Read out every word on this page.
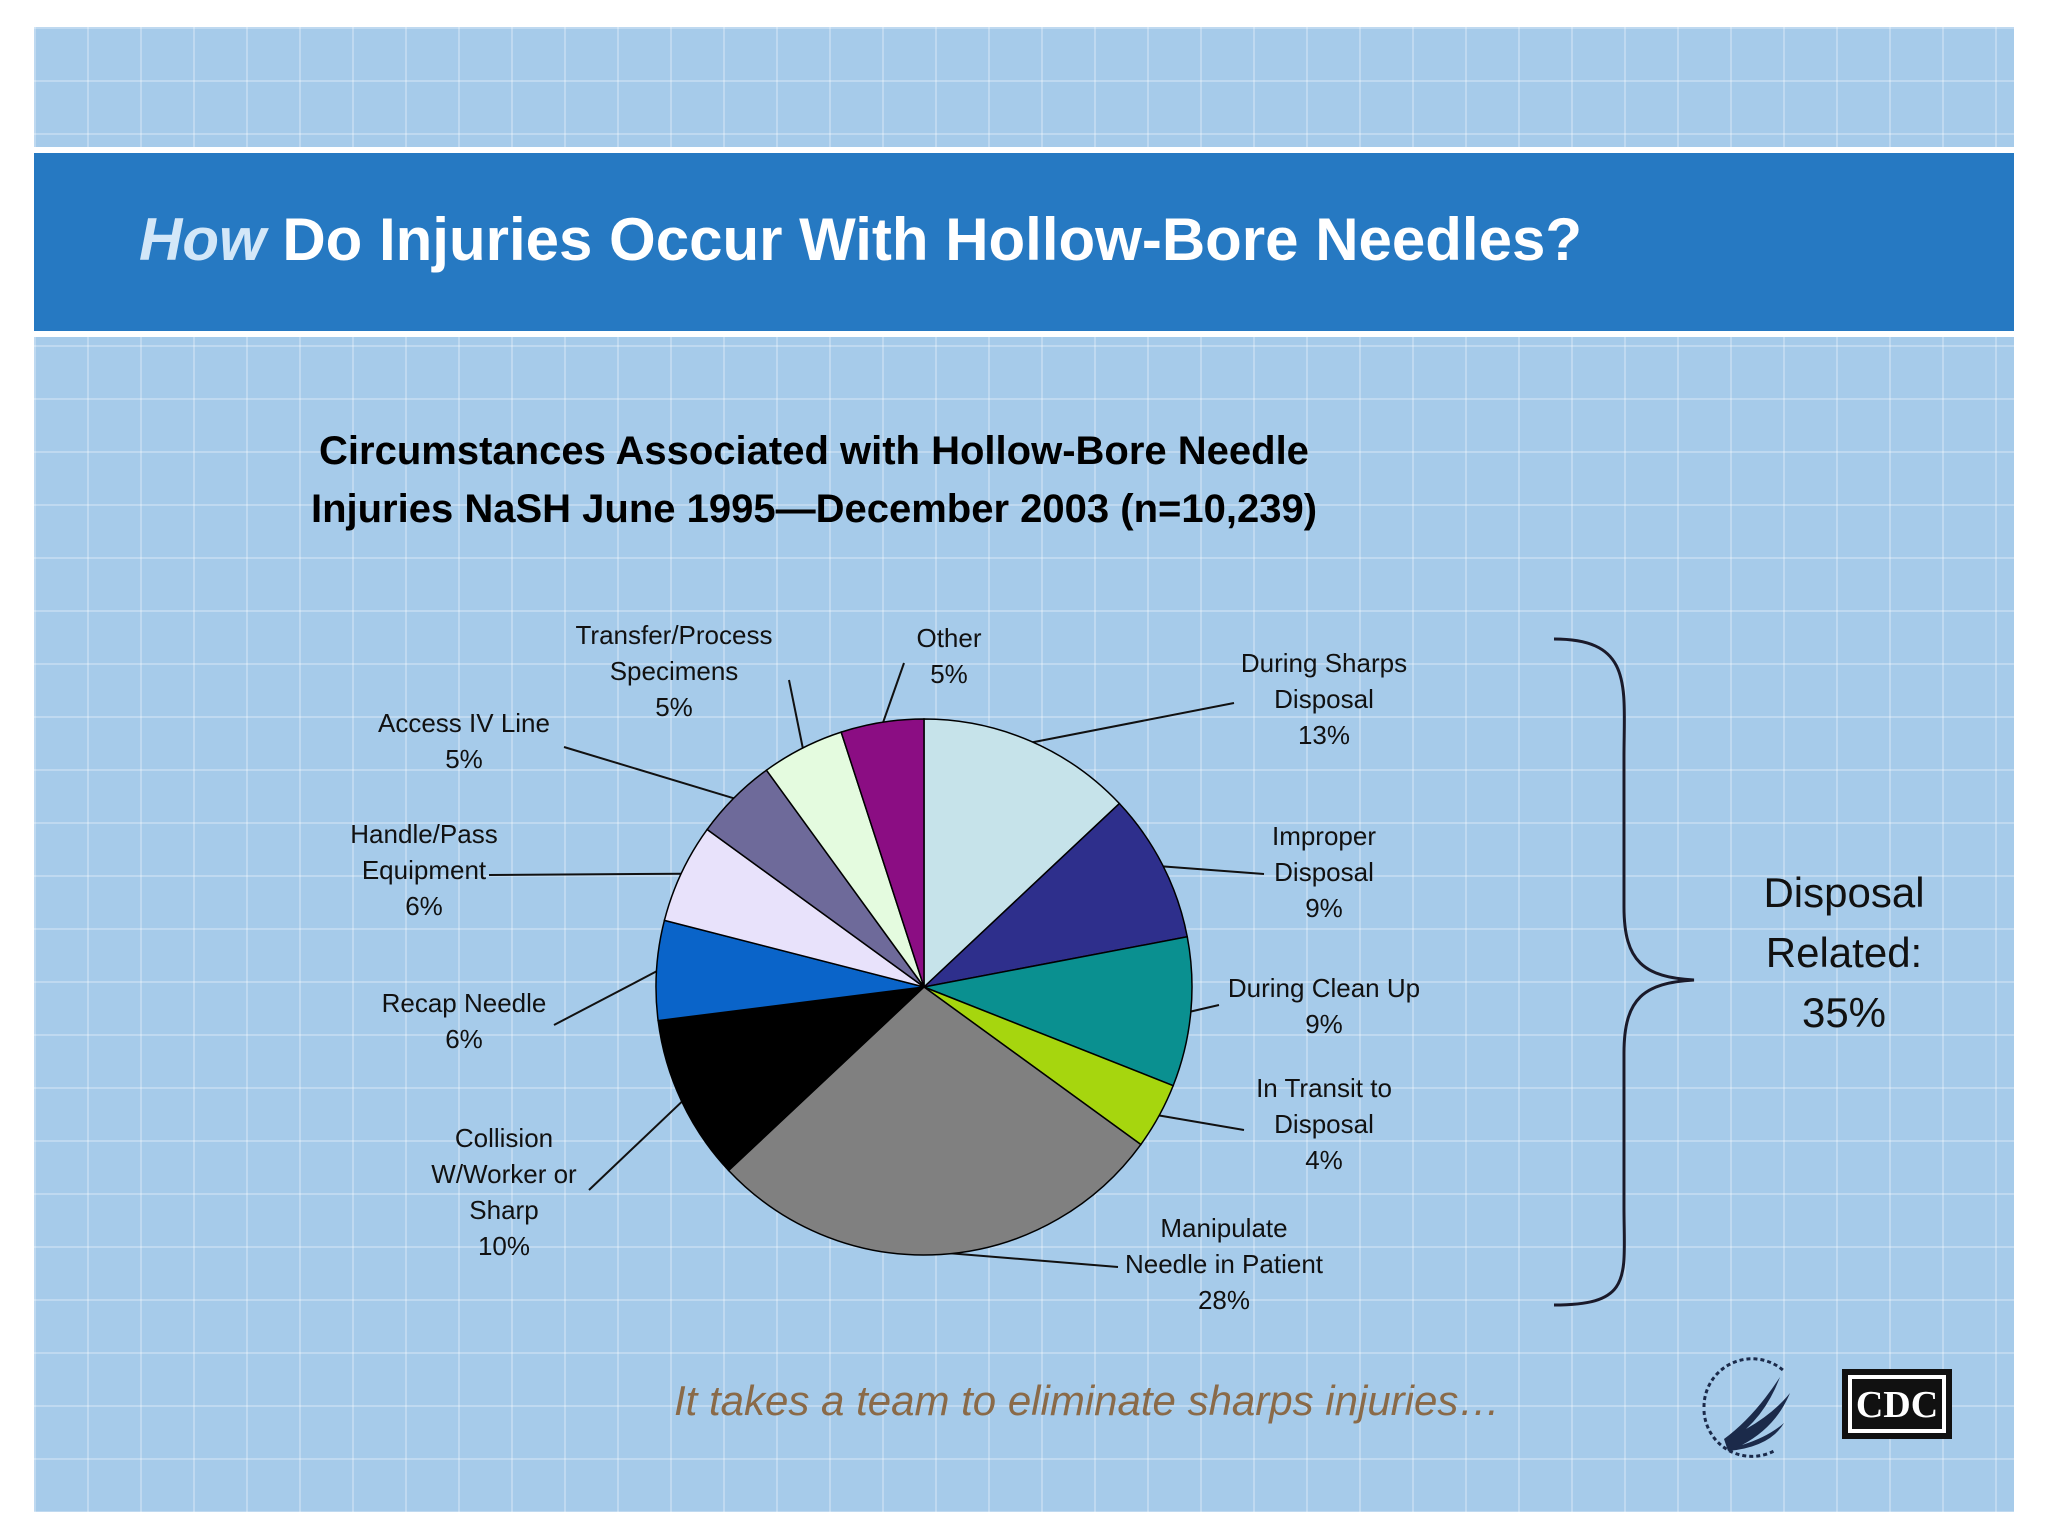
How Do Injuries Occur With Hollow-Bore Needles?
Circumstances Associated with Hollow-Bore Needle
Injuries NaSH June 1995—December 2003 (n=10,239)
During Sharps Disposal 13%
Improper Disposal 9%
During Clean Up 9%
In Transit to Disposal 4%
Manipulate Needle in Patient 28%
Collision W/Worker or Sharp 10%
Recap Needle 6%
Handle/Pass Equipment 6%
Access IV Line 5%
Transfer/Process Specimens 5%
Other 5%
Disposal Related: 35%
It takes a team to eliminate sharps injuries…	CDC
